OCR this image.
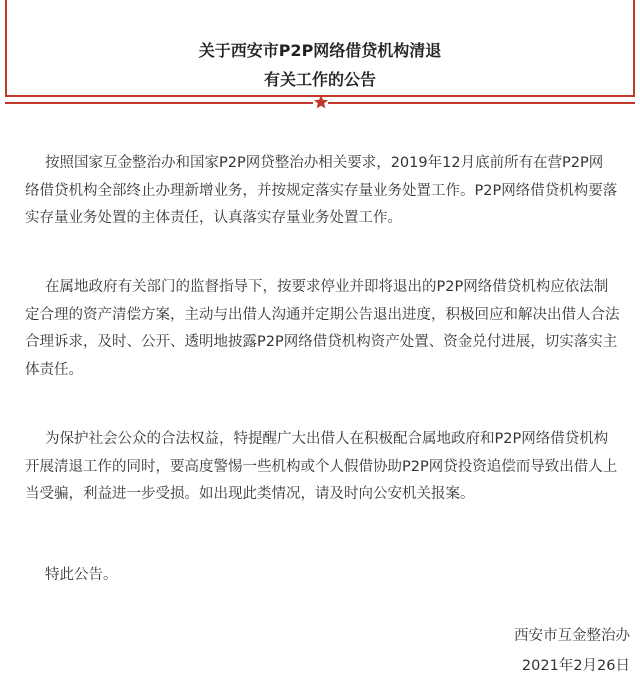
关于西安市P2P网络借贷机构清退
有关工作的公告
按照国家互金整治办和国家P2P网贷整治办相关要求，2019年12月底前所有在营P2P网
络借贷机构全部终止办理新增业务，并按规定落实存量业务处置工作。P2P网络借贷机构要落
实存量业务处置的主体责任，认真落实存量业务处置工作。
在属地政府有关部门的监督指导下，按要求停业并即将退出的P2P网络借贷机构应依法制
定合理的资产清偿方案，主动与出借人沟通并定期公告退出进度，积极回应和解决出借人合法
合理诉求，及时、公开、透明地披露P2P网络借贷机构资产处置、资金兑付进展，切实落实主
体责任。
为保护社会公众的合法权益，特提醒广大出借人在积极配合属地政府和P2P网络借贷机构
开展清退工作的同时，要高度警惕一些机构或个人假借协助P2P网贷投资追偿而导致出借人上
当受骗，利益进一步受损。如出现此类情况，请及时向公安机关报案。
特此公告。
西安市互金整治办
2021年2月26日
